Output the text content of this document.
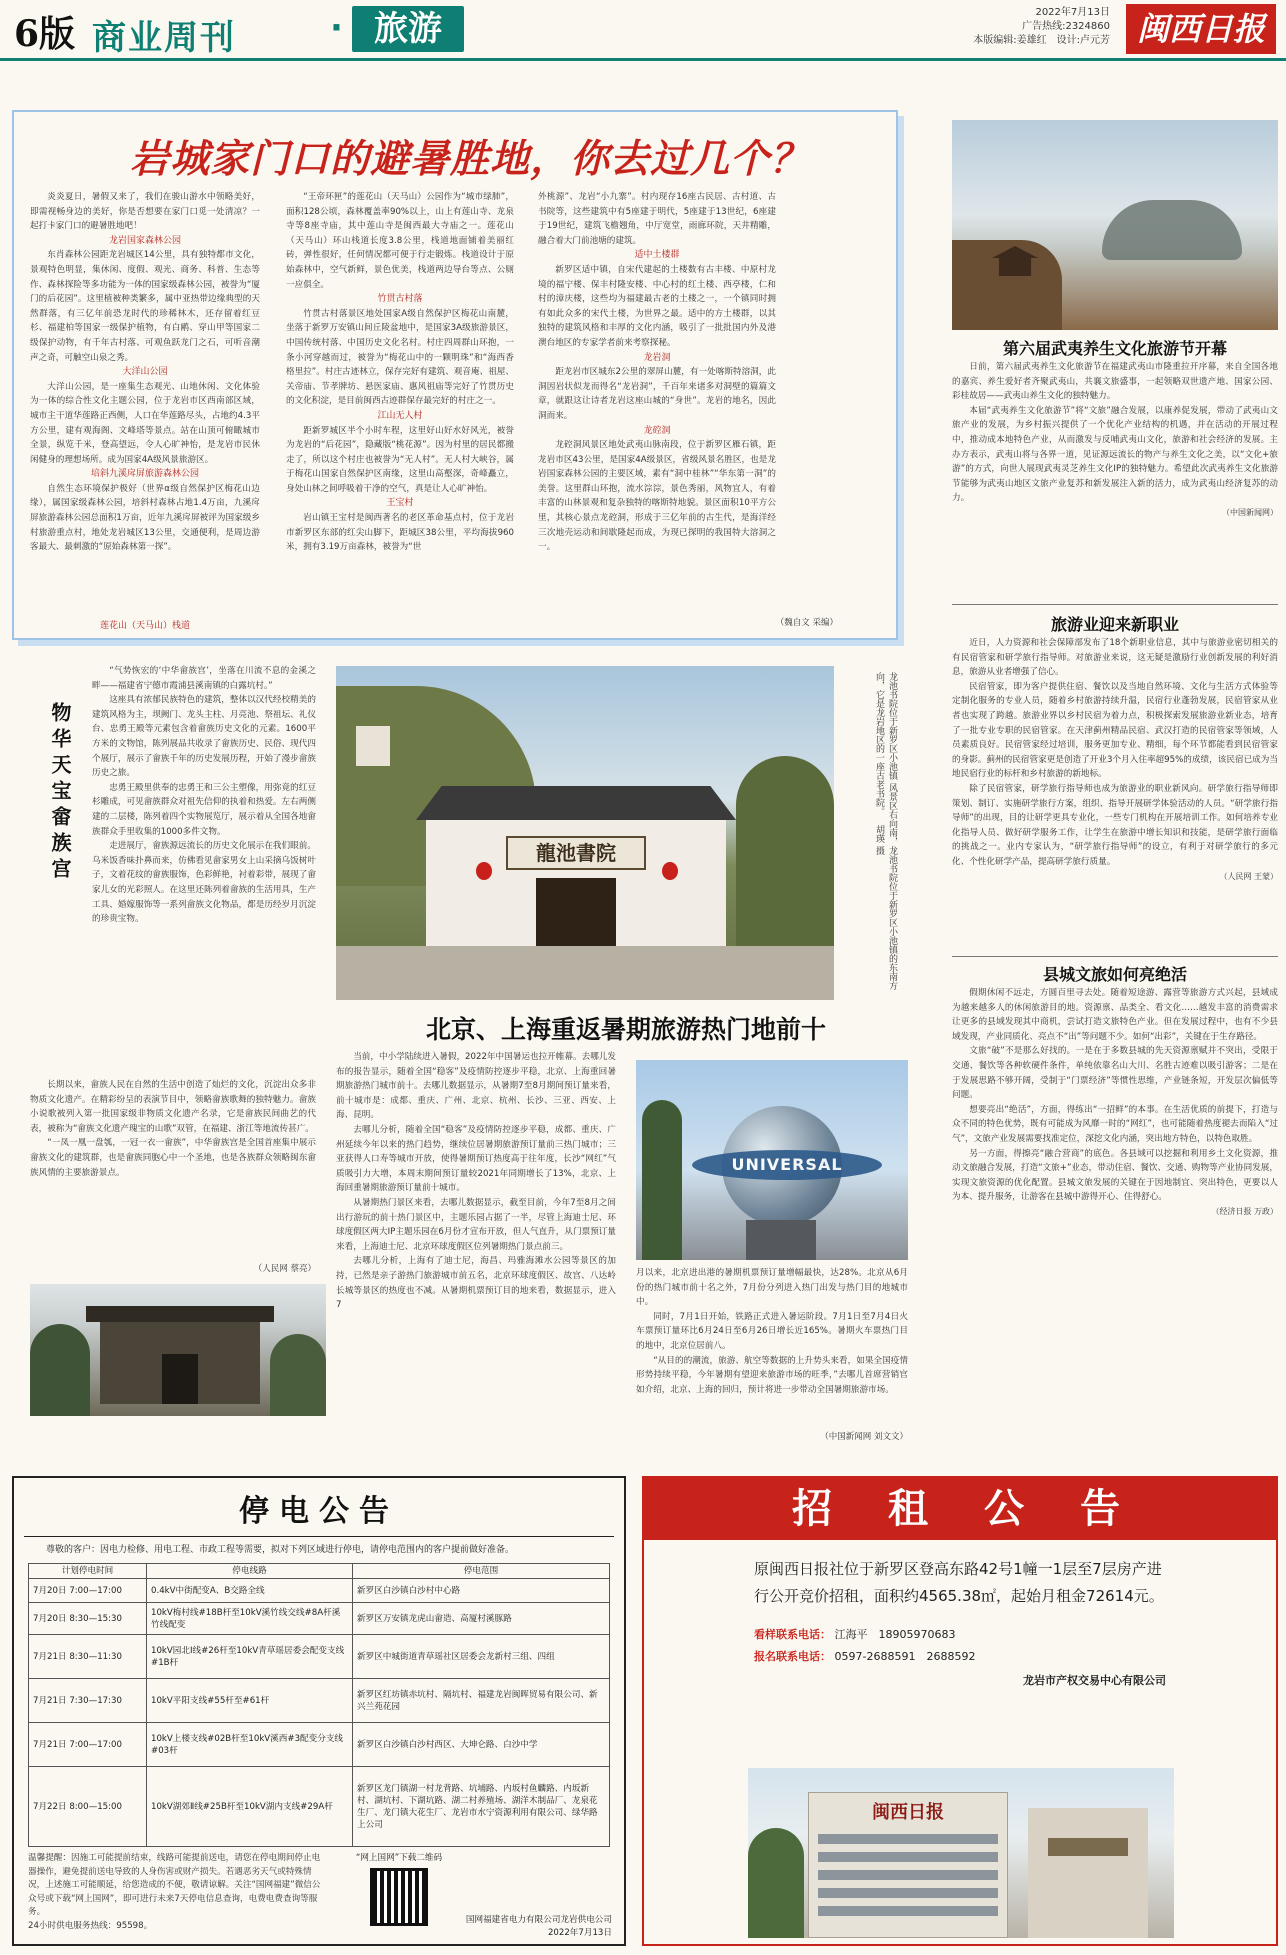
6版 商业周刊	· 旅游	2022年7月13日
广告热线:2324860
本版编辑:姜雄红　设计:卢元芳 闽西日报
岩城家门口的避暑胜地，你去过几个？

炎炎夏日，暑假又来了，我们在骏山游水中领略美好，即需视畅身边的美好，你是否想要在家门口觅一处清凉？一起打卡家门口的避暑胜地吧！

龙岩国家森林公园

东肖森林公园距龙岩城区14公里，具有独特都市文化，景观特色明显，集休闲、度假、观光、商务、科普、生态等作、森林探险等多功能为一体的国家级森林公园，被誉为“厦门的后花园”。这里植被种类繁多，属中亚热带边缘典型的天然群落，有三亿年前恐龙时代的珍稀林木，还存留着红豆杉、福建柏等国家一级保护植物，有白鹇、穿山甲等国家二级保护动物，有千年古村落、可观鱼跃龙门之石，可听音潮声之奇，可触空山泉之秀。

大洋山公园

大洋山公园，是一座集生态观光、山地休闲、文化体验为一体的综合性文化主题公园，位于龙岩市区西南部区域，城市主干道华莲路正西侧，人口在华莲路尽头，占地约4.3平方公里，建有观海阁、文峰塔等景点。站在山顶可俯瞰城市全景，纵览千米，登高望远，令人心旷神怡，是龙岩市民休闲健身的理想场所。成为国家4A级风景旅游区。

培斜九溪戽屏旅游森林公园

自然生态环境保护极好（世界α级自然保护区梅花山边缘），属国家级森林公园，培斜村森林占地1.4万亩，九溪戽屏旅游森林公园总面积1万亩，近年九溪戽屏被评为国家级乡村旅游重点村，地处龙岩城区13公里，交通便利，是周边游客最大、最刺激的“原始森林第一探”。

莲花山（天马山）栈道

“王帝环匣”的莲花山（天马山）公园作为“城市绿肺”，面积128公顷，森林覆盖率90%以上，山上有莲山寺、龙泉寺等8座寺庙，其中莲山寺是闽西最大寺庙之一。莲花山（天马山）环山栈道长度3.8公里，栈道地面铺着美丽红砖，弹性很好，任何情况都可便于行走锻炼。栈道设计于原始森林中，空气新鲜，景色优美，栈道两边导台等点、公厕一应俱全。

竹贯古村落

竹贯古村落景区地处国家A级自然保护区梅花山南麓，坐落于新罗万安镇山间丘陵盆地中，是国家3A级旅游景区，中国传统村落、中国历史文化名村。村庄四周群山环抱，一条小河穿越而过，被誉为“梅花山中的一颗明珠”和“海西香格里拉”。村庄古迹林立，保存完好有建筑、观音庵、祖屋、关帝庙、节孝牌坊、悬医家庙、惠风祖庙等完好了竹贯历史的文化积淀，是目前闽西古迹群保存最完好的村庄之一。

江山无人村

距新罗城区半个小时车程，这里好山好水好风光，被誉为龙岩的“后花园”，隐藏版“桃花源”。因为村里的居民都搬走了，所以这个村庄也被誉为“无人村”。无人村大峡谷，属于梅花山国家自然保护区南缘，这里山高壑深，奇峰矗立，身处山林之间呼吸着干净的空气，真是让人心旷神怡。

王宝村

岩山镇王宝村是闽西著名的老区革命基点村，位于龙岩市新罗区东部的红尖山脚下，距城区38公里，平均海拔960米，拥有3.19万亩森林，被誉为“世

外桃源”、龙岩“小九寨”。村内现存16座古民居、古村道、古书院等，这些建筑中有5座建于明代，5座建于13世纪，6座建于19世纪，建筑飞檐翘角，中厅宽堂，雨廊环院，天井精雕，融合着大门前池塘的建筑。

适中土楼群

新罗区适中镇，自宋代建起的土楼数有古丰楼、中原村龙境的福宁楼、保丰村隆安楼、中心村的红土楼、西亭楼，仁和村的漳庆楼，这些均为福建最古老的土楼之一，一个镇同时拥有如此众多的宋代土楼，为世界之最。适中的方土楼群，以其独特的建筑风格和丰厚的文化内涵，吸引了一批批国内外及港澳台地区的专家学者前来考察探秘。

龙岩洞

距龙岩市区城东2公里的翠屏山麓，有一处喀斯特溶洞，此洞因岩状似龙而得名“龙岩洞”，千百年来诸多对洞壁的篇篇文章，就跟这让诗者龙岩这座山城的“身世”。龙岩的地名，因此洞而来。

龙硿洞

龙硿洞风景区地处武夷山脉南段，位于新罗区雁石镇，距龙岩市区43公里，是国家4A级景区，省级风景名胜区，也是龙岩国家森林公园的主要区域，素有“洞中桂林”“华东第一洞”的美誉。这里群山环抱，流水淙淙，景色秀丽，风物宜人，有着丰富的山林景观和复杂独特的喀斯特地貌。景区面积10平方公里，其核心景点龙硿洞，形成于三亿年前的古生代，是海洋经三次地壳运动和间歇隆起而成，为现已探明的我国特大溶洞之一。

（魏自文 采编）
第六届武夷养生文化旅游节开幕

日前，第六届武夷养生文化旅游节在福建武夷山市隆重拉开序幕，来自全国各地的嘉宾、养生爱好者齐聚武夷山，共襄文旅盛事，一起领略双世遗产地、国家公园、彩桂故居——武夷山养生文化的独特魅力。

本届“武夷养生文化旅游节”将“文旅”融合发展，以康养促发展，带动了武夷山文旅产业的发展，为乡村振兴提供了一个优化产业结构的机遇，并在活动的开展过程中，推动成本地特色产业，从而激发与反哺武夷山文化，旅游和社会经济的发展。主办方表示，武夷山将与各界一道，见证源远流长的物产与养生文化之美，以“文化+旅游”的方式，向世人展现武夷灵芝养生文化IP的独特魅力。希望此次武夷养生文化旅游节能够为武夷山地区文旅产业复苏和新发展注入新的活力，成为武夷山经济复苏的动力。

（中国新闻网）

旅游业迎来新职业

近日，人力资源和社会保障部发布了18个新职业信息，其中与旅游业密切相关的有民宿管家和研学旅行指导师。对旅游业来说，这无疑是激励行业创新发展的利好消息，旅游从业者增强了信心。

民宿管家，即为客户提供住宿、餐饮以及当地自然环境、文化与生活方式体验等定制化服务的专业人员，随着乡村旅游持续升温，民宿行业蓬勃发展，民宿管家从业者也实现了跨越。旅游业界以乡村民宿为着力点，积极探索发展旅游业新业态，培育了一批专业专职的民宿管家。在天津蓟州精品民宿、武汉打造的民宿管家等领域，人员素质良好。民宿管家经过培训，服务更加专业、精细，每个环节都能看到民宿管家的身影。蓟州的民宿管家更是创造了开业3个月入住率超95%的成绩，该民宿已成为当地民宿行业的标杆和乡村旅游的新地标。

除了民宿管家，研学旅行指导师也成为旅游业的职业新风向。研学旅行指导师即策划、制订、实施研学旅行方案，组织、指导开展研学体验活动的人员。“研学旅行指导师”的出现，目的让研学更具专业化，一些专门机构在开展培训工作。如何培养专业化指导人员、做好研学服务工作，让学生在旅游中增长知识和技能，是研学旅行面临的挑战之一。业内专家认为，“研学旅行指导师”的设立，有利于对研学旅行的多元化、个性化研学产品，提高研学旅行质量。

（人民网 王蒙）

县城文旅如何亮绝活

假期休闲不远走，方圆百里寻去处。随着短途游、露营等旅游方式兴起，县域成为越来越多人的休闲旅游目的地。资源禀、品类全、看文化……越发丰富的消费需求让更多的县域发现其中商机，尝试打造文旅特色产业。但在发展过程中，也有不少县域发现，产业同质化、亮点不“出”等问题不少。如何“出彩”，关键在于生存路径。

文旅“破”不是那么好找的。一是在于多数县城的先天资源禀赋并不突出，受限于交通、餐饮等各种软硬件条件，单纯依靠名山大川、名胜古迹难以吸引游客；二是在于发展思路不够开阔，受制于“门票经济”等惯性思维，产业链条短，开发层次偏低等问题。

想要亮出“绝活”，方面，得练出“一招鲜”的本事。在生活优质的前提下，打造与众不同的特色优势，既有可能成为风靡一时的“网红”，也可能随着热度褪去而陷入“过气”，文旅产业发展需要找准定位，深挖文化内涵，突出地方特色，以特色取胜。

另一方面，得擦亮“融合营商”的底色。各县域可以挖掘和利用乡土文化资源，推动文旅融合发展，打造“文旅+”业态，带动住宿、餐饮、交通、购物等产业协同发展，实现文旅资源的优化配置。县城文旅发展的关键在于因地制宜、突出特色，更要以人为本、提升服务，让游客在县城中游得开心、住得舒心。

（经济日报 万政）

物华天宝畲族宫

“气势恢宏的‘中华畲族宫’，坐落在川流不息的金溪之畔——福建省宁德市霞浦县溪南镇的白露坑村。”

这座具有浓郁民族特色的建筑，整体以汉代经校精美的建筑风格为主，坝阙门、龙头主柱、月亮池、祭祖坛、礼仪台、忠勇王殿等元素包含着畲族历史文化的元素。1600平方米的文物馆，陈列展品共收录了畲族历史、民俗、现代四个展厅，展示了畲族千年的历史发展历程，开始了漫步畲族历史之旅。

忠勇王殿里供奉的忠勇王和三公主塑像，用弥竟的红豆杉雕成，可见畲族群众对祖先信仰的执着和热爱。左右两侧建的二层楼，陈列着四个实物展览厅，展示着从全国各地畲族群众手里收集的1000多件文物。

走进展厅，畲族源远流长的历史文化展示在我们眼前。乌米饭香味扑鼻而来，仿佛看见畲家男女上山采摘乌饭树叶子，文着花纹的畲族服饰，色彩鲜艳，衬着彩带，展现了畲家儿女的光彩照人。在这里还陈列着畲族的生活用具，生产工具、婚嫁服饰等一系列畲族文化物品，都是历经岁月沉淀的珍贵宝物。

长期以来，畲族人民在自然的生活中创造了灿烂的文化，沉淀出众多非物质文化遗产。在精彩纷呈的表演节目中，领略畲族歌舞的独特魅力。畲族小说歌被列入第一批国家级非物质文化遗产名录，它是畲族民间曲艺的代表，被称为“畲族文化遗产瑰宝的山歌”双管，在福建、浙江等地流传甚广。

“一凤一凰一盘瓠，一冠一衣一畲族”，中华畲族宫是全国首座集中展示畲族文化的建筑群，也是畲族同胞心中一个圣地，也是各族群众领略闽东畲族风情的主要旅游景点。

（人民网 蔡亮）
龍池書院	龙池书院位于新罗区小池镇 风景区右向南，龙池书院位于新罗区小池镇的东南方向，它是龙岩地区的一座古老书院。 胡瑛 摄
北京、上海重返暑期旅游热门地前十

当前，中小学陆续进入暑假，2022年中国暑运也拉开帷幕。去哪儿发布的报告显示，随着全国“稳客”及疫情防控逐步平稳，北京、上海重回暑期旅游热门城市前十。去哪儿数据显示，从暑期7至8月期间预订量来看，前十城市是：成都、重庆、广州、北京、杭州、长沙、三亚、西安、上海、昆明。

去哪儿分析，随着全国“稳客”及疫情防控逐步平稳，成都、重庆、广州延续今年以来的热门趋势，继续位居暑期旅游预订量前三热门城市；三亚获得人口寿等城市开放，使得暑期预订热度高于往年度，长沙“网红”气质吸引力大增，本周末期间预订量较2021年同期增长了13%，北京、上海回重暑期旅游预订量前十城市。

从暑期热门景区来看，去哪儿数据显示，截至目前，今年7至8月之间出行游玩的前十热门景区中，主题乐园占据了一半，尽管上海迪士尼、环球度假区两大IP主题乐园在6月份才宣布开放，但人气直升，从门票预订量来看，上海迪士尼、北京环球度假区位列暑期热门景点前三。

去哪儿分析，上海有了迪士尼，海昌、玛雅海滩水公园等景区的加持，已然是亲子游热门旅游城市前五名，北京环球度假区、故宫、八达岭长城等景区的热度也不减。从暑期机票预订目的地来看，数据显示，进入7

UNIVERSAL

月以来，北京进出港的暑期机票预订量增幅最快，达28%。北京从6月份的热门城市前十名之外，7月份分列进入热门出发与热门目的地城市中。

同时，7月1日开始，铁路正式进入暑运阶段。7月1日至7月4日火车票预订量环比6月24日至6月26日增长近165%。暑期火车票热门目的地中，北京位居前八。

“从目的的潮流，旅游、航空等数据的上升势头来看，如果全国疫情形势持续平稳，今年暑期有望迎来旅游市场的旺季，”去哪儿首席营销官如介绍，北京、上海的回归，预计将进一步带动全国暑期旅游市场。

（中国新闻网 刘文文）
停电公告
尊敬的客户：因电力检修、用电工程、市政工程等需要，拟对下列区域进行停电，请停电范围内的客户提前做好准备。
计划停电时间	停电线路	停电范围
7月20日 7:00—17:00	0.4kV中街配变A、B交路全线	新罗区白沙镇白沙村中心路
7月20日 8:30—15:30	10kV梅村线#18B杆至10kV溪竹线交线#8A杆溪竹线配变	新罗区万安镇龙虎山畲造、高厦村溪豚路
7月21日 8:30—11:30	10kV园北Ⅰ线#26杆至10kV青草瑶居委会配变支线#1B杆	新罗区中城街道青草瑶社区居委会龙新村三组、四组
7月21日 7:30—17:30	10kV平阳支线#55杆至#61杆	新罗区红坊镇赤坑村、隔坑村、福建龙岩闽晖贸易有限公司、新兴兰苑花园
7月21日 7:00—17:00	10kV上楼支线#02B杆至10kV溪西#3配变分支线#03杆	新罗区白沙镇白沙村西区、大坤仑路、白沙中学
7月22日 8:00—15:00	10kV湖郊Ⅱ线#25B杆至10kV湖内支线#29A杆	新罗区龙门镇湖一村龙背路、坑埔路、内坂村鱼麟路、内坂新村、湖坑村、下湖坑路、湖二村养殖场、湖洋木制品厂、龙泉花生厂、龙门镇大花生厂、龙岩市水宁资源利用有限公司、绿华路上公司
温馨提醒：因施工可能提前结束，线路可能提前送电，请您在停电期间停止电器操作，避免提前送电导致的人身伤害或财产损失。若遇恶劣天气或特殊情况，上述施工可能顺延，给您造成的不便，敬请谅解。关注“国网福建”微信公众号或下载“网上国网”，即可进行未来7天停电信息查询，电费电费查询等服务。
24小时供电服务热线：95598。
“网上国网”下载二维码
国网福建省电力有限公司龙岩供电公司
2022年7月13日
招　租　公　告
原闽西日报社位于新罗区登高东路42号1幢一1层至7层房产进行公开竞价招租，面积约4565.38㎡，起始月租金72614元。
看样联系电话： 江海平　18905970683
报名联系电话： 0597-2688591　2688592
龙岩市产权交易中心有限公司
闽西日报
